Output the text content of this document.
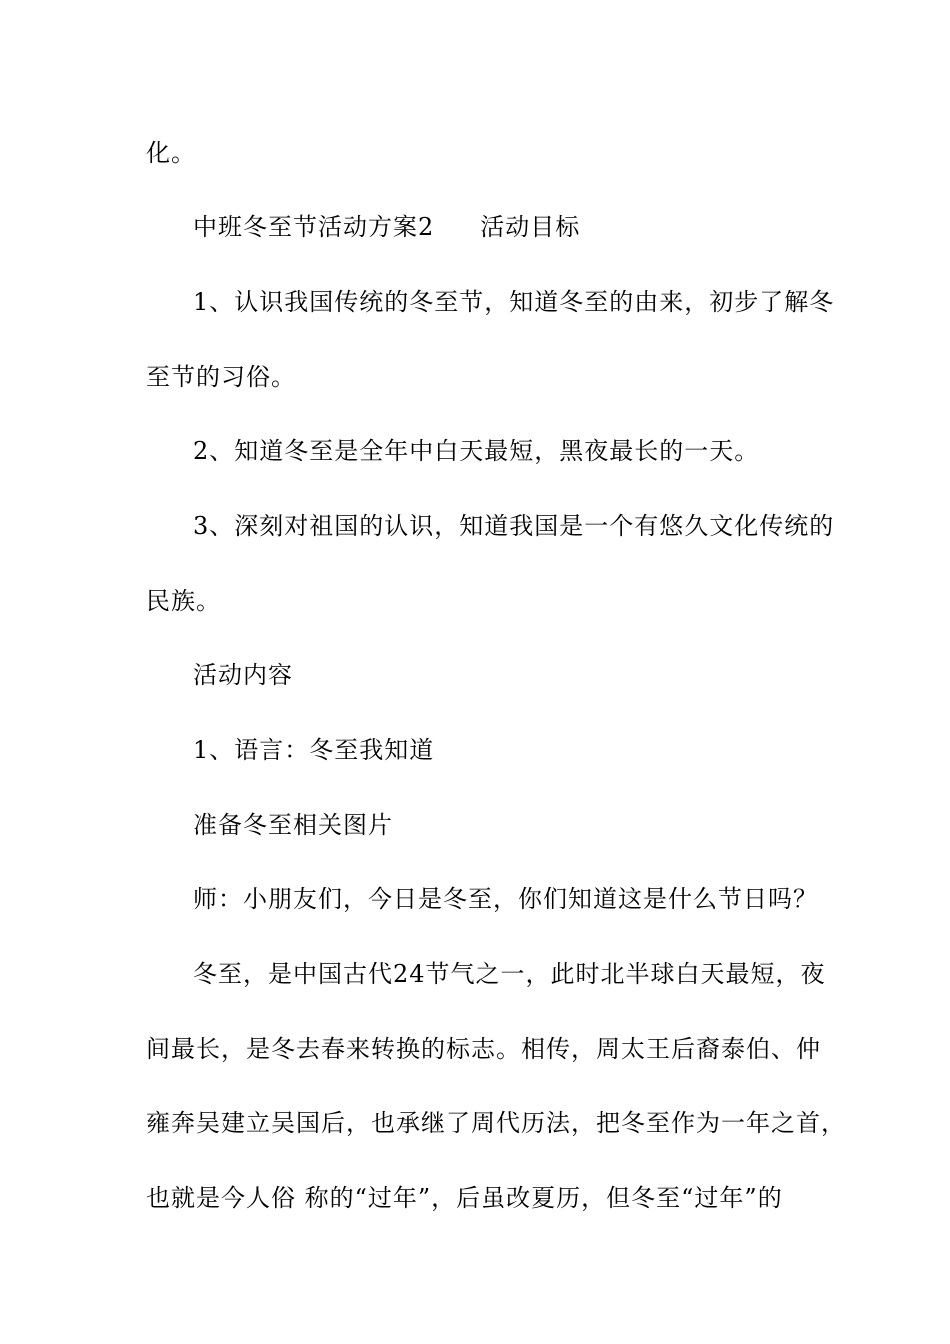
化。
中班冬至节活动方案2 活动目标
1、认识我国传统的冬至节，知道冬至的由来，初步了解冬
至节的习俗。
2、知道冬至是全年中白天最短，黑夜最长的一天。
3、深刻对祖国的认识，知道我国是一个有悠久文化传统的
民族。
活动内容
1、语言：冬至我知道
准备冬至相关图片
师：小朋友们，今日是冬至，你们知道这是什么节日吗？
冬至，是中国古代24节气之一，此时北半球白天最短，夜
间最长，是冬去春来转换的标志。相传，周太王后裔泰伯、仲
雍奔吴建立吴国后，也承继了周代历法，把冬至作为一年之首，
也就是今人俗 称的“过年”，后虽改夏历，但冬至“过年”的
